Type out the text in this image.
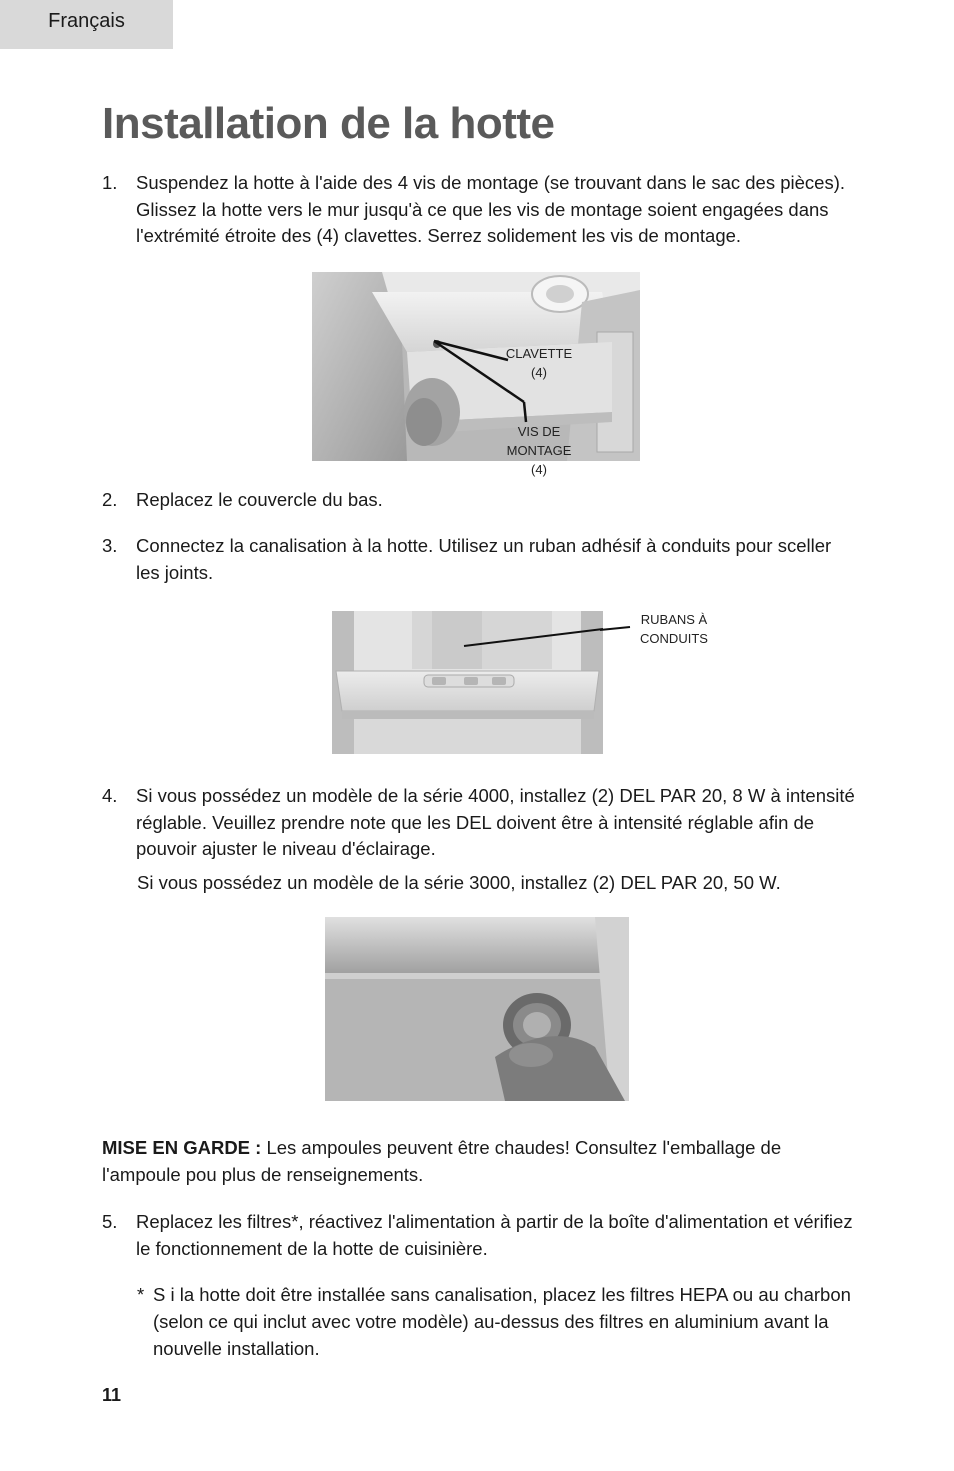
Français
Installation de la hotte
1. Suspendez la hotte à l'aide des 4 vis de montage (se trouvant dans le sac des pièces). Glissez la hotte vers le mur jusqu'à ce que les vis de montage soient engagées dans l'extrémité étroite des (4) clavettes. Serrez solidement les vis de montage.
CLAVETTE
(4)
VIS DE
MONTAGE
(4)
2. Replacez le couvercle du bas.
3. Connectez la canalisation à la hotte. Utilisez un ruban adhésif à conduits pour sceller les joints.
RUBANS À
CONDUITS
4. Si vous possédez un modèle de la série 4000, installez (2) DEL PAR 20, 8 W à intensité réglable. Veuillez prendre note que les DEL doivent être à intensité réglable afin de pouvoir ajuster le niveau d'éclairage.

Si vous possédez un modèle de la série 3000, installez (2) DEL PAR 20, 50 W.

MISE EN GARDE : Les ampoules peuvent être chaudes! Consultez l'emballage de l'ampoule pou plus de renseignements.

5. Replacez les filtres*, réactivez l'alimentation à partir de la boîte d'alimentation et vérifiez le fonctionnement de la hotte de cuisinière.
* S i la hotte doit être installée sans canalisation, placez les filtres HEPA ou au charbon (selon ce qui inclut avec votre modèle) au-dessus des filtres en aluminium avant la nouvelle installation.
11
